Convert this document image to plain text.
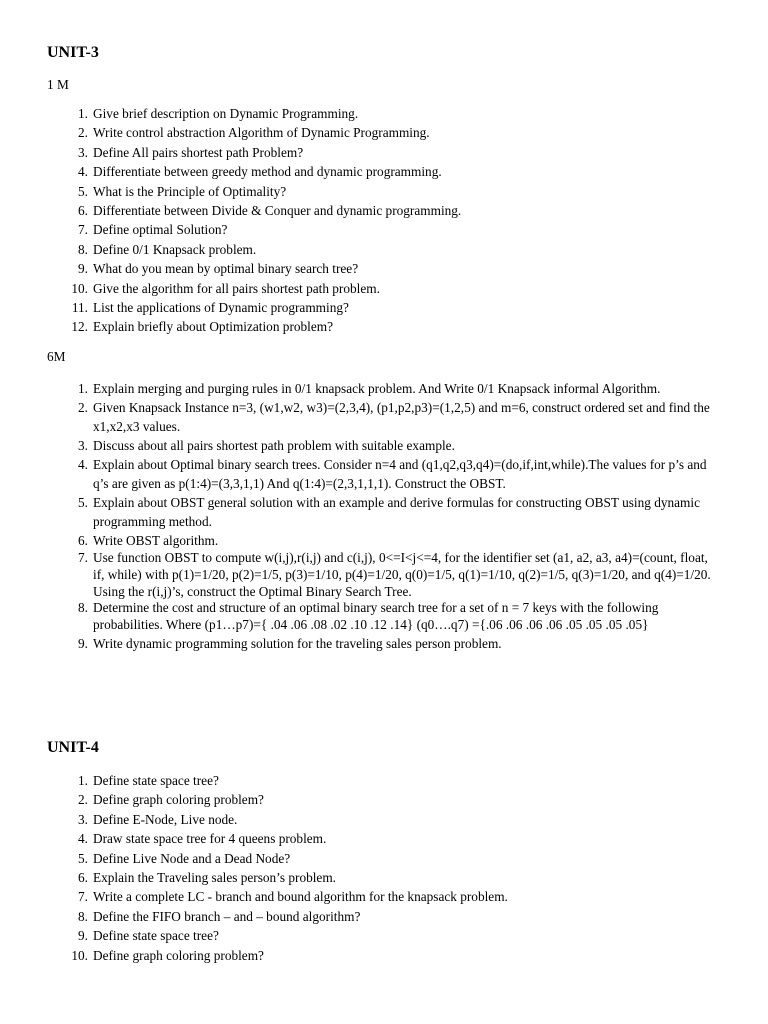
UNIT-3
1 M
1. Give brief description on Dynamic Programming.
2. Write control abstraction Algorithm of Dynamic Programming.
3. Define All pairs shortest path Problem?
4. Differentiate between greedy method and dynamic programming.
5. What is the Principle of Optimality?
6. Differentiate between Divide & Conquer and dynamic programming.
7. Define optimal Solution?
8. Define 0/1 Knapsack problem.
9. What do you mean by optimal binary search tree?
10. Give the algorithm for all pairs shortest path problem.
11. List the applications of Dynamic programming?
12. Explain briefly about Optimization problem?
6M
1. Explain merging and purging rules in 0/1 knapsack problem. And Write 0/1 Knapsack informal Algorithm.
2. Given Knapsack Instance n=3, (w1,w2, w3)=(2,3,4), (p1,p2,p3)=(1,2,5) and m=6, construct ordered set and find the x1,x2,x3 values.
3. Discuss about all pairs shortest path problem with suitable example.
4. Explain about Optimal binary search trees. Consider n=4 and (q1,q2,q3,q4)=(do,if,int,while).The values for p’s and q’s are given as p(1:4)=(3,3,1,1) And q(1:4)=(2,3,1,1,1). Construct the OBST.
5. Explain about OBST general solution with an example and derive formulas for constructing OBST using dynamic programming method.
6. Write OBST algorithm.
7. Use function OBST to compute w(i,j),r(i,j) and c(i,j), 0<=I<j<=4, for the identifier set (a1, a2, a3, a4)=(count, float, if, while) with p(1)=1/20, p(2)=1/5, p(3)=1/10, p(4)=1/20, q(0)=1/5, q(1)=1/10, q(2)=1/5, q(3)=1/20, and q(4)=1/20.
Using the r(i,j)’s, construct the Optimal Binary Search Tree.
8. Determine the cost and structure of an optimal binary search tree for a set of n = 7 keys with the following probabilities. Where (p1…p7)={ .04 .06 .08 .02 .10 .12 .14} (q0….q7) ={.06 .06 .06 .06 .05 .05 .05 .05}
9. Write dynamic programming solution for the traveling sales person problem.
UNIT-4
1. Define state space tree?
2. Define graph coloring problem?
3. Define E-Node, Live node.
4. Draw state space tree for 4 queens problem.
5. Define Live Node and a Dead Node?
6. Explain the Traveling sales person’s problem.
7. Write a complete LC - branch and bound algorithm for the knapsack problem.
8. Define the FIFO branch – and – bound algorithm?
9. Define state space tree?
10. Define graph coloring problem?
